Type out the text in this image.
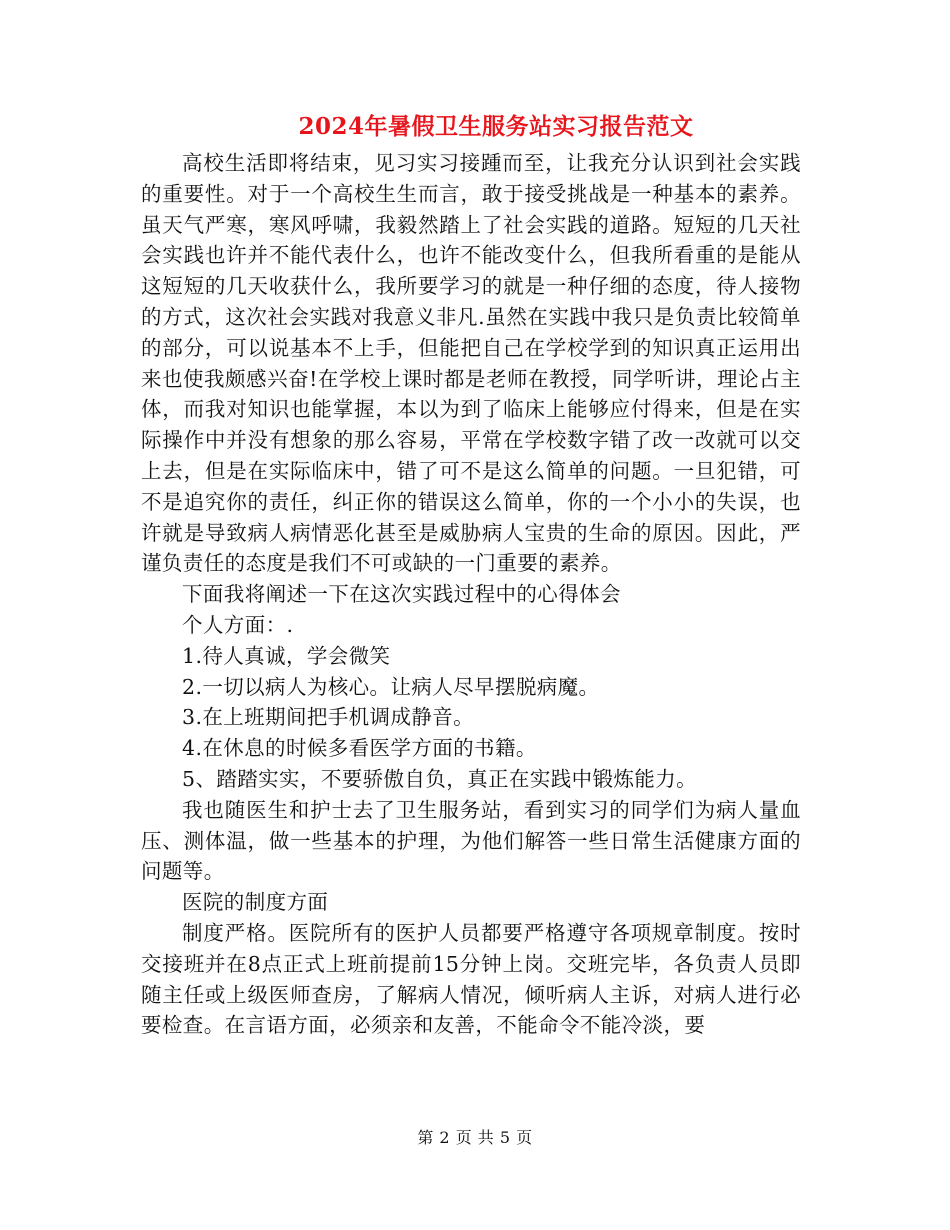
2024年暑假卫生服务站实习报告范文

高校生活即将结束，见习实习接踵而至，让我充分认识到社会实践的重要性。对于一个高校生生而言，敢于接受挑战是一种基本的素养。虽天气严寒，寒风呼啸，我毅然踏上了社会实践的道路。短短的几天社会实践也许并不能代表什么，也许不能改变什么，但我所看重的是能从这短短的几天收获什么，我所要学习的就是一种仔细的态度，待人接物的方式，这次社会实践对我意义非凡.虽然在实践中我只是负责比较简单的部分，可以说基本不上手，但能把自己在学校学到的知识真正运用出来也使我颇感兴奋!在学校上课时都是老师在教授，同学听讲，理论占主体，而我对知识也能掌握，本以为到了临床上能够应付得来，但是在实际操作中并没有想象的那么容易，平常在学校数字错了改一改就可以交上去，但是在实际临床中，错了可不是这么简单的问题。一旦犯错，可不是追究你的责任，纠正你的错误这么简单，你的一个小小的失误，也许就是导致病人病情恶化甚至是威胁病人宝贵的生命的原因。因此，严谨负责任的态度是我们不可或缺的一门重要的素养。

下面我将阐述一下在这次实践过程中的心得体会

个人方面：.

1.待人真诚，学会微笑

2.一切以病人为核心。让病人尽早摆脱病魔。

3.在上班期间把手机调成静音。

4.在休息的时候多看医学方面的书籍。

5、踏踏实实，不要骄傲自负，真正在实践中锻炼能力。

我也随医生和护士去了卫生服务站，看到实习的同学们为病人量血压、测体温，做一些基本的护理，为他们解答一些日常生活健康方面的问题等。

医院的制度方面

制度严格。医院所有的医护人员都要严格遵守各项规章制度。按时交接班并在8点正式上班前提前15分钟上岗。交班完毕，各负责人员即随主任或上级医师查房，了解病人情况，倾听病人主诉，对病人进行必要检查。在言语方面，必须亲和友善，不能命令不能冷淡，要

第 2 页 共 5 页
